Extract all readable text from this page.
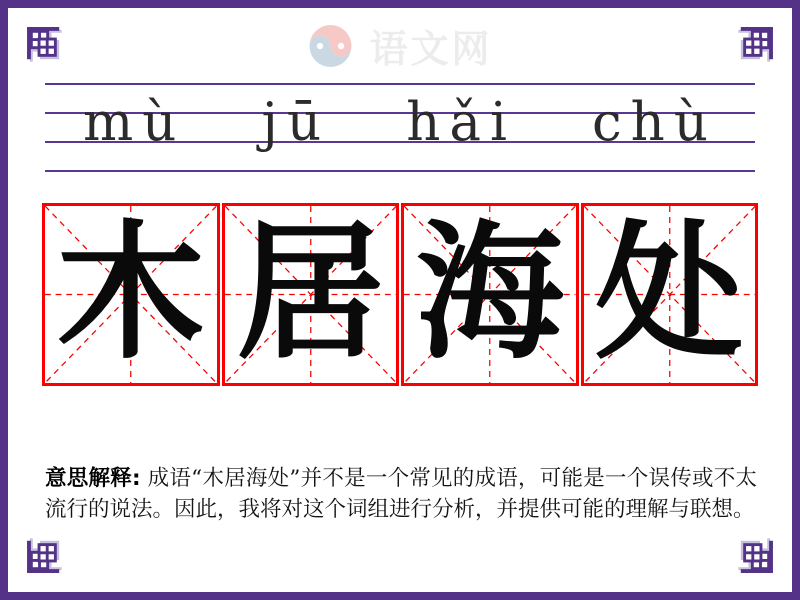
语文网
mù jū hǎi chù
木 居 海 处

意思解释: 成语“木居海处”并不是一个常见的成语，可能是一个误传或不太流行的说法。因此，我将对这个词组进行分析，并提供可能的理解与联想。
